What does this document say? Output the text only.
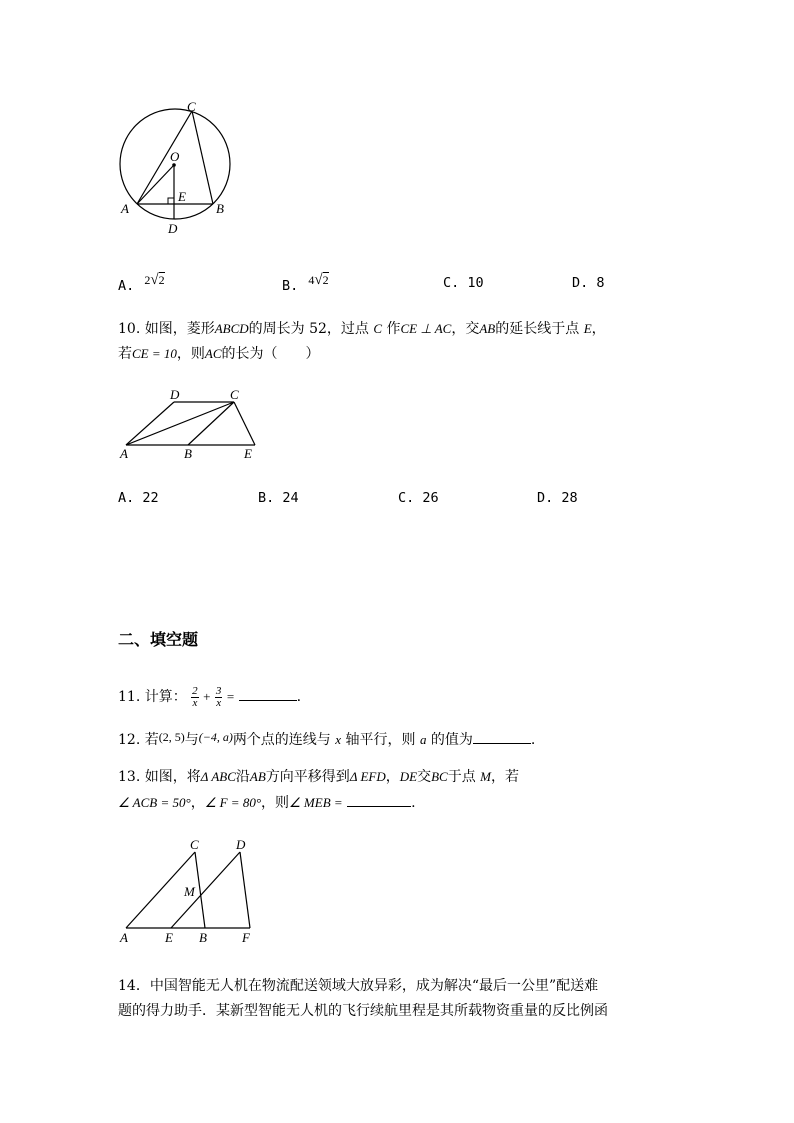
C
O
E
A	B
D
A. 2√2	B. 4√2	C. 10	D. 8
10. 如图，菱形ABCD的周长为 52，过点 C 作CE ⊥ AC，交AB的延长线于点 E，
若CE = 10，则AC的长为（　　）
D	C
A	B	E
A. 22	B. 24	C. 26	D. 28
二、填空题
11. 计算： $\frac{2}{x} + \frac{3}{x}$ =	.
12. 若(2, 5)与(−4, a)两个点的连线与 x 轴平行，则 a 的值为	.
13. 如图，将Δ ABC沿AB方向平移得到Δ EFD，DE交BC于点 M，若
∠ ACB = 50°，∠ F = 80°，则∠ MEB =	.
C	D
M
A	E B	F
14．中国智能无人机在物流配送领域大放异彩，成为解决“最后一公里”配送难
题的得力助手．某新型智能无人机的飞行续航里程是其所载物资重量的反比例函
